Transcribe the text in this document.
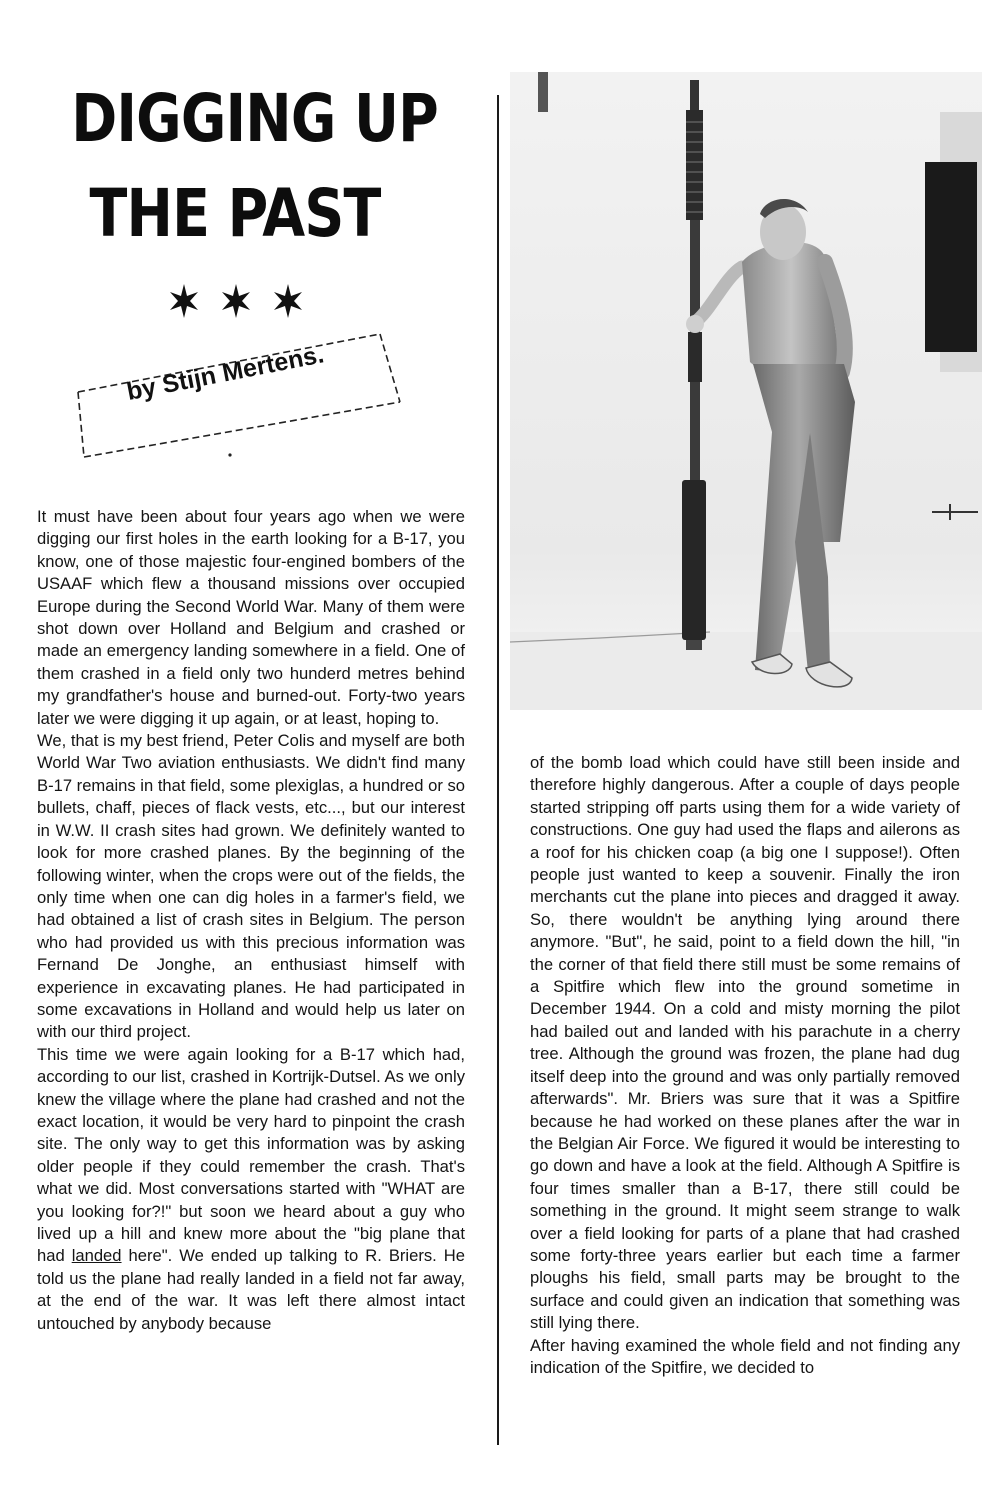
DIGGING UP
THE PAST
by Stijn Mertens.

It must have been about four years ago when we were digging our first holes in the earth looking for a B-17, you know, one of those majestic four-engined bombers of the USAAF which flew a thousand missions over occupied Europe during the Second World War. Many of them were shot down over Holland and Belgium and crashed or made an emergency landing somewhere in a field. One of them crashed in a field only two hunderd metres behind my grandfather's house and burned-out. Forty-two years later we were digging it up again, or at least, hoping to.

We, that is my best friend, Peter Colis and myself are both World War Two aviation enthusiasts. We didn't find many B-17 remains in that field, some plexiglas, a hundred or so bullets, chaff, pieces of flack vests, etc..., but our interest in W.W. II crash sites had grown. We definitely wanted to look for more crashed planes. By the beginning of the following winter, when the crops were out of the fields, the only time when one can dig holes in a farmer's field, we had obtained a list of crash sites in Belgium. The person who had provided us with this precious information was Fernand De Jonghe, an enthusiast himself with experience in excavating planes. He had participated in some excavations in Holland and would help us later on with our third project.

This time we were again looking for a B-17 which had, according to our list, crashed in Kortrijk-Dutsel. As we only knew the village where the plane had crashed and not the exact location, it would be very hard to pinpoint the crash site. The only way to get this information was by asking older people if they could remember the crash. That's what we did. Most conversations started with "WHAT are you looking for?!" but soon we heard about a guy who lived up a hill and knew more about the "big plane that had landed here". We ended up talking to R. Briers. He told us the plane had really landed in a field not far away, at the end of the war. It was left there almost intact untouched by anybody because

of the bomb load which could have still been inside and therefore highly dangerous. After a couple of days people started stripping off parts using them for a wide variety of constructions. One guy had used the flaps and ailerons as a roof for his chicken coap (a big one I suppose!). Often people just wanted to keep a souvenir. Finally the iron merchants cut the plane into pieces and dragged it away. So, there wouldn't be anything lying around there anymore. "But", he said, point to a field down the hill, "in the corner of that field there still must be some remains of a Spitfire which flew into the ground sometime in December 1944. On a cold and misty morning the pilot had bailed out and landed with his parachute in a cherry tree. Although the ground was frozen, the plane had dug itself deep into the ground and was only partially removed afterwards". Mr. Briers was sure that it was a Spitfire because he had worked on these planes after the war in the Belgian Air Force. We figured it would be interesting to go down and have a look at the field. Although A Spitfire is four times smaller than a B-17, there still could be something in the ground. It might seem strange to walk over a field looking for parts of a plane that had crashed some forty-three years earlier but each time a farmer ploughs his field, small parts may be brought to the surface and could given an indication that something was still lying there.

After having examined the whole field and not finding any indication of the Spitfire, we decided to
